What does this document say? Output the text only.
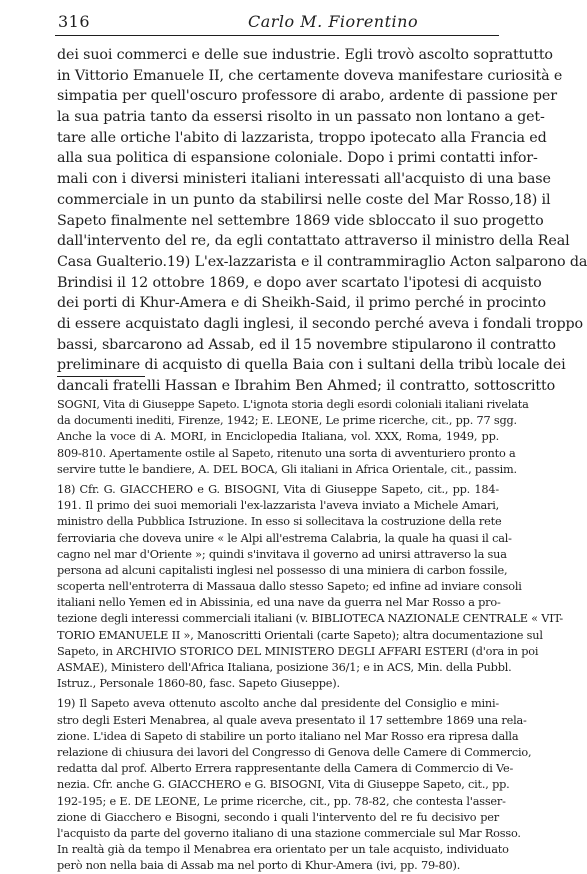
316	Carlo M. Fiorentino
dei suoi commerci e delle sue industrie. Egli trovò ascolto soprattutto
in Vittorio Emanuele II, che certamente doveva manifestare curiosità e
simpatia per quell'oscuro professore di arabo, ardente di passione per
la sua patria tanto da essersi risolto in un passato non lontano a get-
tare alle ortiche l'abito di lazzarista, troppo ipotecato alla Francia ed
alla sua politica di espansione coloniale. Dopo i primi contatti infor-
mali con i diversi ministeri italiani interessati all'acquisto di una base
commerciale in un punto da stabilirsi nelle coste del Mar Rosso,18) il
Sapeto finalmente nel settembre 1869 vide sbloccato il suo progetto
dall'intervento del re, da egli contattato attraverso il ministro della Real
Casa Gualterio.19) L'ex-lazzarista e il contrammiraglio Acton salparono da
Brindisi il 12 ottobre 1869, e dopo aver scartato l'ipotesi di acquisto
dei porti di Khur-Amera e di Sheikh-Said, il primo perché in procinto
di essere acquistato dagli inglesi, il secondo perché aveva i fondali troppo
bassi, sbarcarono ad Assab, ed il 15 novembre stipularono il contratto
preliminare di acquisto di quella Baia con i sultani della tribù locale dei
dancali fratelli Hassan e Ibrahim Ben Ahmed; il contratto, sottoscritto
SOGNI, Vita di Giuseppe Sapeto. L'ignota storia degli esordi coloniali italiani rivelata
da documenti inediti, Firenze, 1942; E. LEONE, Le prime ricerche, cit., pp. 77 sgg.
Anche la voce di A. MORI, in Enciclopedia Italiana, vol. XXX, Roma, 1949, pp.
809-810. Apertamente ostile al Sapeto, ritenuto una sorta di avventuriero pronto a
servire tutte le bandiere, A. DEL BOCA, Gli italiani in Africa Orientale, cit., passim.
18) Cfr. G. GIACCHERO e G. BISOGNI, Vita di Giuseppe Sapeto, cit., pp. 184-
191. Il primo dei suoi memoriali l'ex-lazzarista l'aveva inviato a Michele Amari,
ministro della Pubblica Istruzione. In esso si sollecitava la costruzione della rete
ferroviaria che doveva unire « le Alpi all'estrema Calabria, la quale ha quasi il cal-
cagno nel mar d'Oriente »; quindi s'invitava il governo ad unirsi attraverso la sua
persona ad alcuni capitalisti inglesi nel possesso di una miniera di carbon fossile,
scoperta nell'entroterra di Massaua dallo stesso Sapeto; ed infine ad inviare consoli
italiani nello Yemen ed in Abissinia, ed una nave da guerra nel Mar Rosso a pro-
tezione degli interessi commerciali italiani (v. BIBLIOTECA NAZIONALE CENTRALE « VIT-
TORIO EMANUELE II », Manoscritti Orientali (carte Sapeto); altra documentazione sul
Sapeto, in ARCHIVIO STORICO DEL MINISTERO DEGLI AFFARI ESTERI (d'ora in poi
ASMAE), Ministero dell'Africa Italiana, posizione 36/1; e in ACS, Min. della Pubbl.
Istruz., Personale 1860-80, fasc. Sapeto Giuseppe).
19) Il Sapeto aveva ottenuto ascolto anche dal presidente del Consiglio e mini-
stro degli Esteri Menabrea, al quale aveva presentato il 17 settembre 1869 una rela-
zione. L'idea di Sapeto di stabilire un porto italiano nel Mar Rosso era ripresa dalla
relazione di chiusura dei lavori del Congresso di Genova delle Camere di Commercio,
redatta dal prof. Alberto Errera rappresentante della Camera di Commercio di Ve-
nezia. Cfr. anche G. GIACCHERO e G. BISOGNI, Vita di Giuseppe Sapeto, cit., pp.
192-195; e E. DE LEONE, Le prime ricerche, cit., pp. 78-82, che contesta l'asser-
zione di Giacchero e Bisogni, secondo i quali l'intervento del re fu decisivo per
l'acquisto da parte del governo italiano di una stazione commerciale sul Mar Rosso.
In realtà già da tempo il Menabrea era orientato per un tale acquisto, individuato
però non nella baia di Assab ma nel porto di Khur-Amera (ivi, pp. 79-80).
